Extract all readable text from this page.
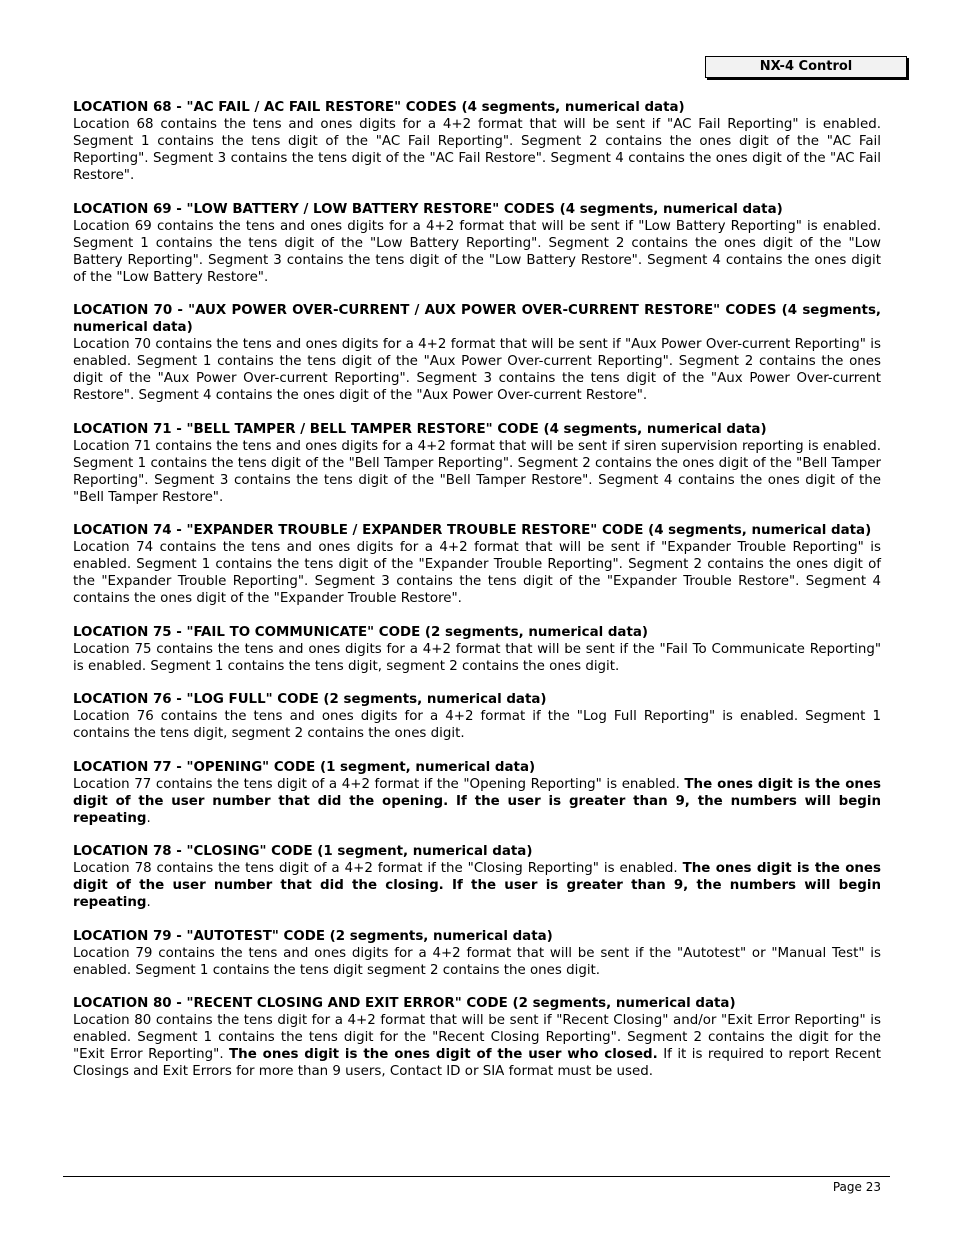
NX-4 Control
LOCATION 68 - "AC FAIL / AC FAIL RESTORE" CODES (4 segments, numerical data)
Location 68 contains the tens and ones digits for a 4+2 format that will be sent if "AC Fail Reporting" is enabled. Segment 1 contains the tens digit of the "AC Fail Reporting". Segment 2 contains the ones digit of the "AC Fail Reporting". Segment 3 contains the tens digit of the "AC Fail Restore". Segment 4 contains the ones digit of the "AC Fail Restore".
LOCATION 69 - "LOW BATTERY / LOW BATTERY RESTORE" CODES (4 segments, numerical data)
Location 69 contains the tens and ones digits for a 4+2 format that will be sent if "Low Battery Reporting" is enabled. Segment 1 contains the tens digit of the "Low Battery Reporting". Segment 2 contains the ones digit of the "Low Battery Reporting". Segment 3 contains the tens digit of the "Low Battery Restore". Segment 4 contains the ones digit of the "Low Battery Restore".
LOCATION 70 - "AUX POWER OVER-CURRENT / AUX POWER OVER-CURRENT RESTORE" CODES (4 segments, numerical data)
Location 70 contains the tens and ones digits for a 4+2 format that will be sent if "Aux Power Over-current Reporting" is enabled. Segment 1 contains the tens digit of the "Aux Power Over-current Reporting". Segment 2 contains the ones digit of the "Aux Power Over-current Reporting". Segment 3 contains the tens digit of the "Aux Power Over-current Restore". Segment 4 contains the ones digit of the "Aux Power Over-current Restore".
LOCATION 71 - "BELL TAMPER / BELL TAMPER RESTORE" CODE (4 segments, numerical data)
Location 71 contains the tens and ones digits for a 4+2 format that will be sent if siren supervision reporting is enabled. Segment 1 contains the tens digit of the "Bell Tamper Reporting". Segment 2 contains the ones digit of the "Bell Tamper Reporting". Segment 3 contains the tens digit of the "Bell Tamper Restore". Segment 4 contains the ones digit of the "Bell Tamper Restore".
LOCATION 74 - "EXPANDER TROUBLE / EXPANDER TROUBLE RESTORE" CODE (4 segments, numerical data)
Location 74 contains the tens and ones digits for a 4+2 format that will be sent if "Expander Trouble Reporting" is enabled. Segment 1 contains the tens digit of the "Expander Trouble Reporting". Segment 2 contains the ones digit of the "Expander Trouble Reporting". Segment 3 contains the tens digit of the "Expander Trouble Restore". Segment 4 contains the ones digit of the "Expander Trouble Restore".
LOCATION 75 - "FAIL TO COMMUNICATE" CODE (2 segments, numerical data)
Location 75 contains the tens and ones digits for a 4+2 format that will be sent if the "Fail To Communicate Reporting" is enabled. Segment 1 contains the tens digit, segment 2 contains the ones digit.
LOCATION 76 - "LOG FULL" CODE (2 segments, numerical data)
Location 76 contains the tens and ones digits for a 4+2 format if the "Log Full Reporting" is enabled. Segment 1 contains the tens digit, segment 2 contains the ones digit.
LOCATION 77 - "OPENING" CODE (1 segment, numerical data)
Location 77 contains the tens digit of a 4+2 format if the "Opening Reporting" is enabled. The ones digit is the ones digit of the user number that did the opening. If the user is greater than 9, the numbers will begin repeating.
LOCATION 78 - "CLOSING" CODE (1 segment, numerical data)
Location 78 contains the tens digit of a 4+2 format if the "Closing Reporting" is enabled. The ones digit is the ones digit of the user number that did the closing. If the user is greater than 9, the numbers will begin repeating.
LOCATION 79 - "AUTOTEST" CODE (2 segments, numerical data)
Location 79 contains the tens and ones digits for a 4+2 format that will be sent if the "Autotest" or "Manual Test" is enabled. Segment 1 contains the tens digit segment 2 contains the ones digit.
LOCATION 80 - "RECENT CLOSING AND EXIT ERROR" CODE (2 segments, numerical data)
Location 80 contains the tens digit for a 4+2 format that will be sent if "Recent Closing" and/or "Exit Error Reporting" is enabled. Segment 1 contains the tens digit for the "Recent Closing Reporting". Segment 2 contains the digit for the "Exit Error Reporting". The ones digit is the ones digit of the user who closed. If it is required to report Recent Closings and Exit Errors for more than 9 users, Contact ID or SIA format must be used.
Page 23
